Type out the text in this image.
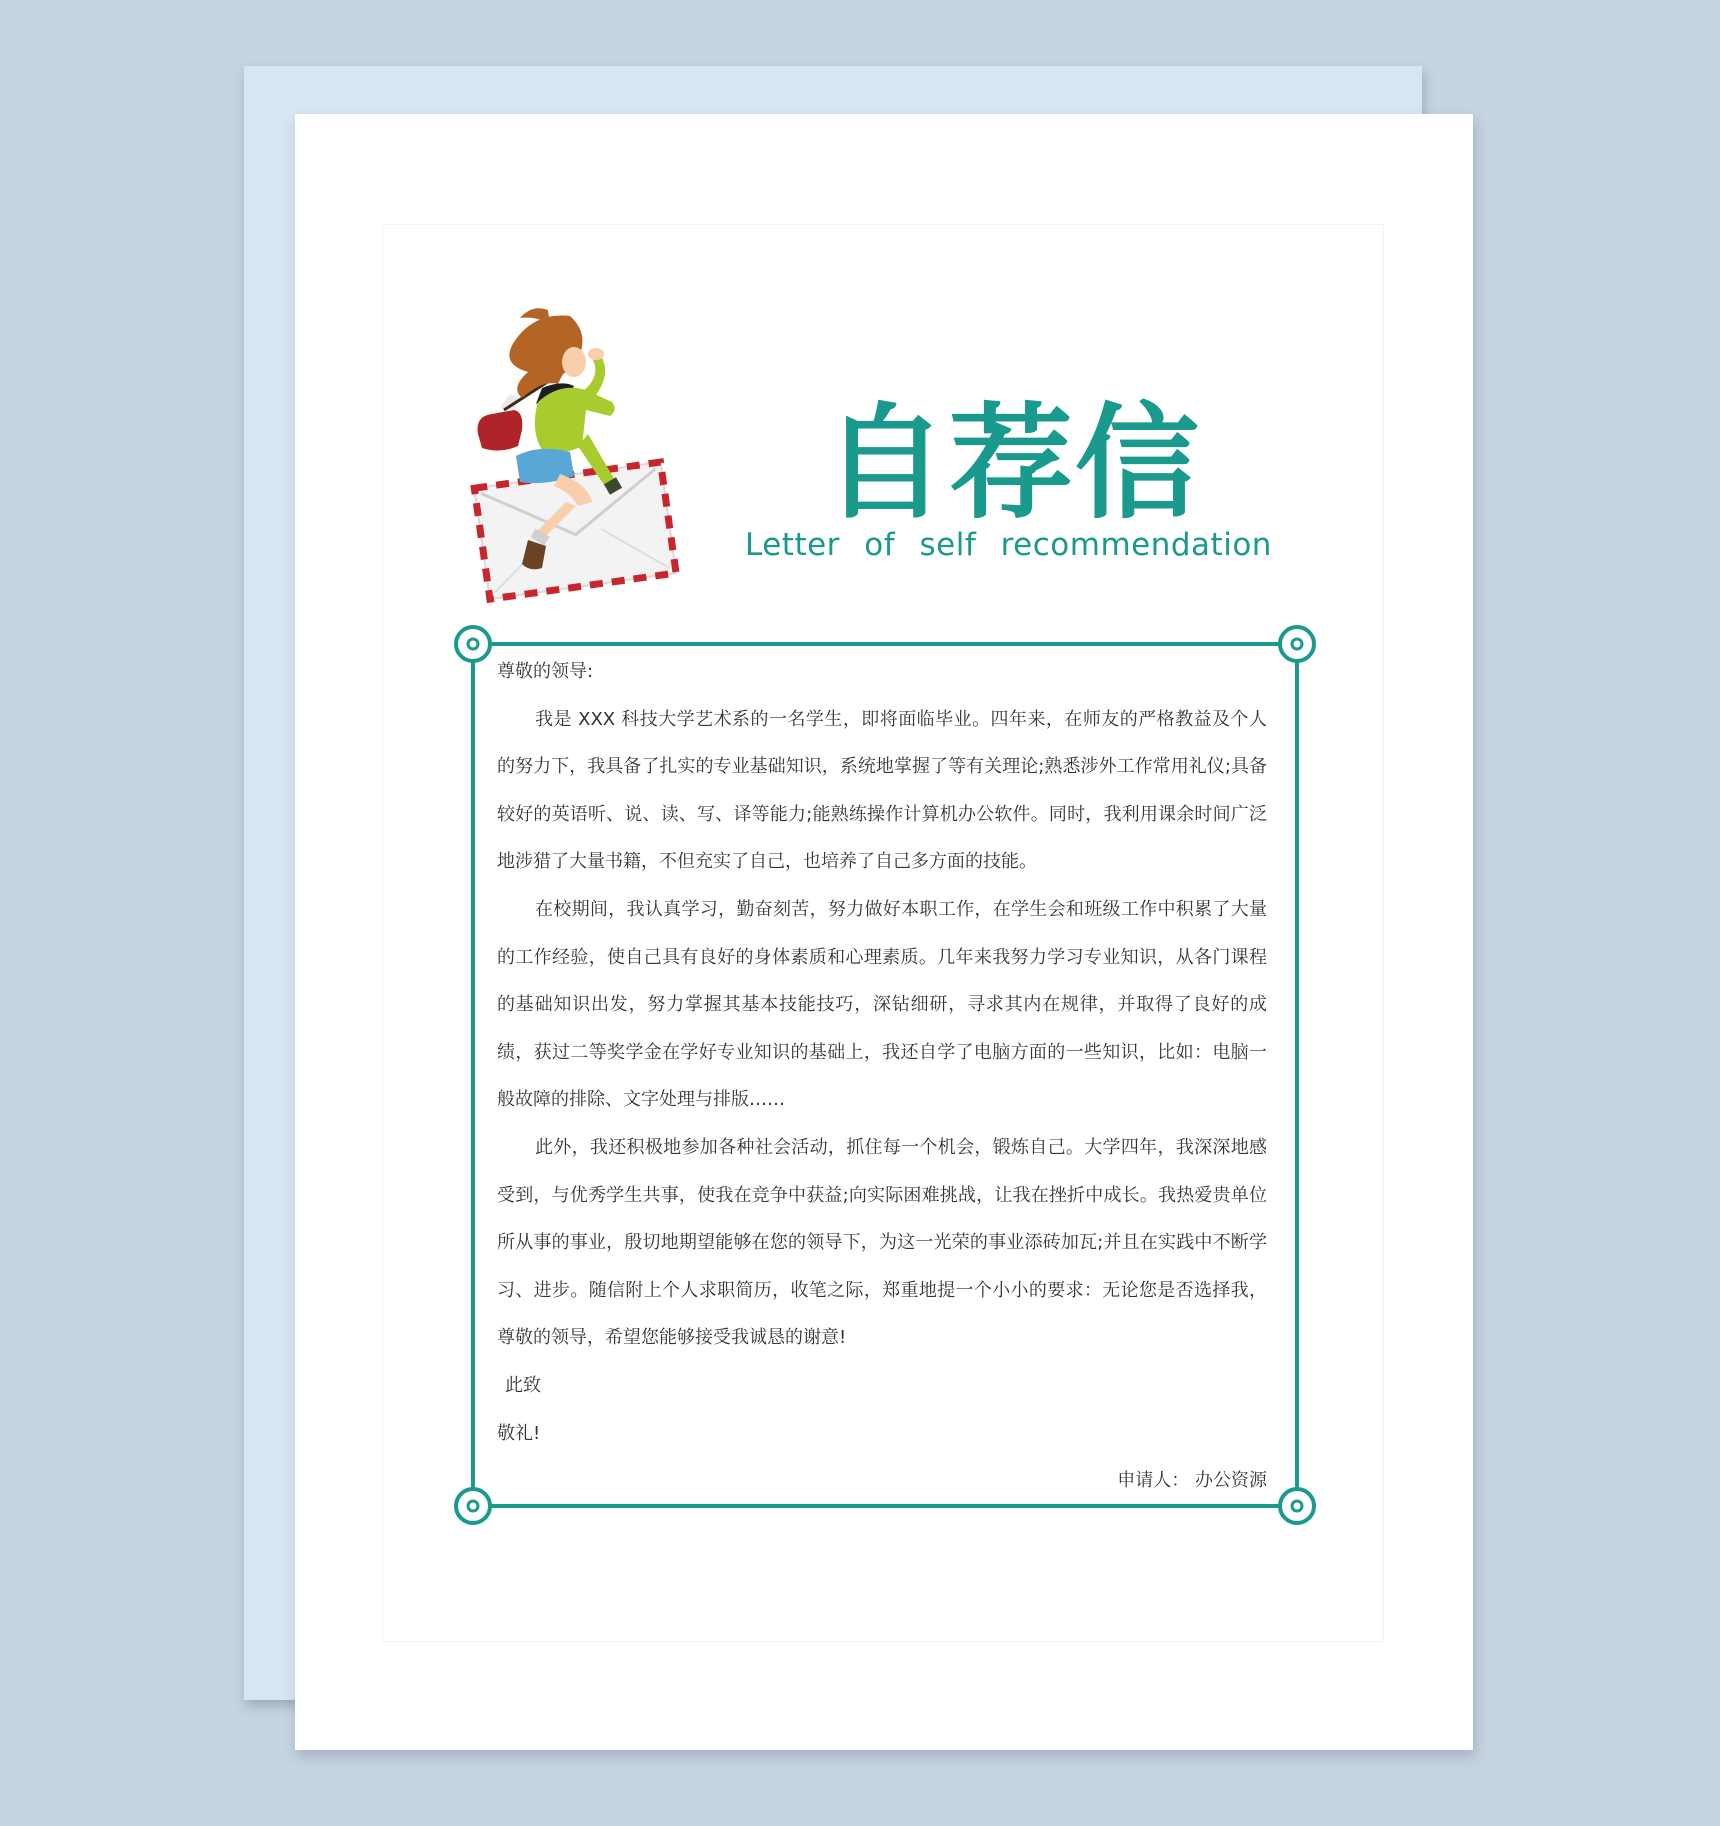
自荐信

Letter of self recommendation

尊敬的领导:

我是 XXX 科技大学艺术系的一名学生，即将面临毕业。四年来，在师友的严格教益及个人的努力下，我具备了扎实的专业基础知识，系统地掌握了等有关理论;熟悉涉外工作常用礼仪;具备较好的英语听、说、读、写、译等能力;能熟练操作计算机办公软件。同时，我利用课余时间广泛地涉猎了大量书籍，不但充实了自己，也培养了自己多方面的技能。

在校期间，我认真学习，勤奋刻苦，努力做好本职工作，在学生会和班级工作中积累了大量的工作经验，使自己具有良好的身体素质和心理素质。几年来我努力学习专业知识，从各门课程的基础知识出发，努力掌握其基本技能技巧，深钻细研，寻求其内在规律，并取得了良好的成绩，获过二等奖学金在学好专业知识的基础上，我还自学了电脑方面的一些知识，比如：电脑一般故障的排除、文字处理与排版……

此外，我还积极地参加各种社会活动，抓住每一个机会，锻炼自己。大学四年，我深深地感受到，与优秀学生共事，使我在竞争中获益;向实际困难挑战，让我在挫折中成长。我热爱贵单位所从事的事业，殷切地期望能够在您的领导下，为这一光荣的事业添砖加瓦;并且在实践中不断学习、进步。随信附上个人求职简历，收笔之际，郑重地提一个小小的要求：无论您是否选择我，尊敬的领导，希望您能够接受我诚恳的谢意!

此致

敬礼!

申请人： 办公资源
